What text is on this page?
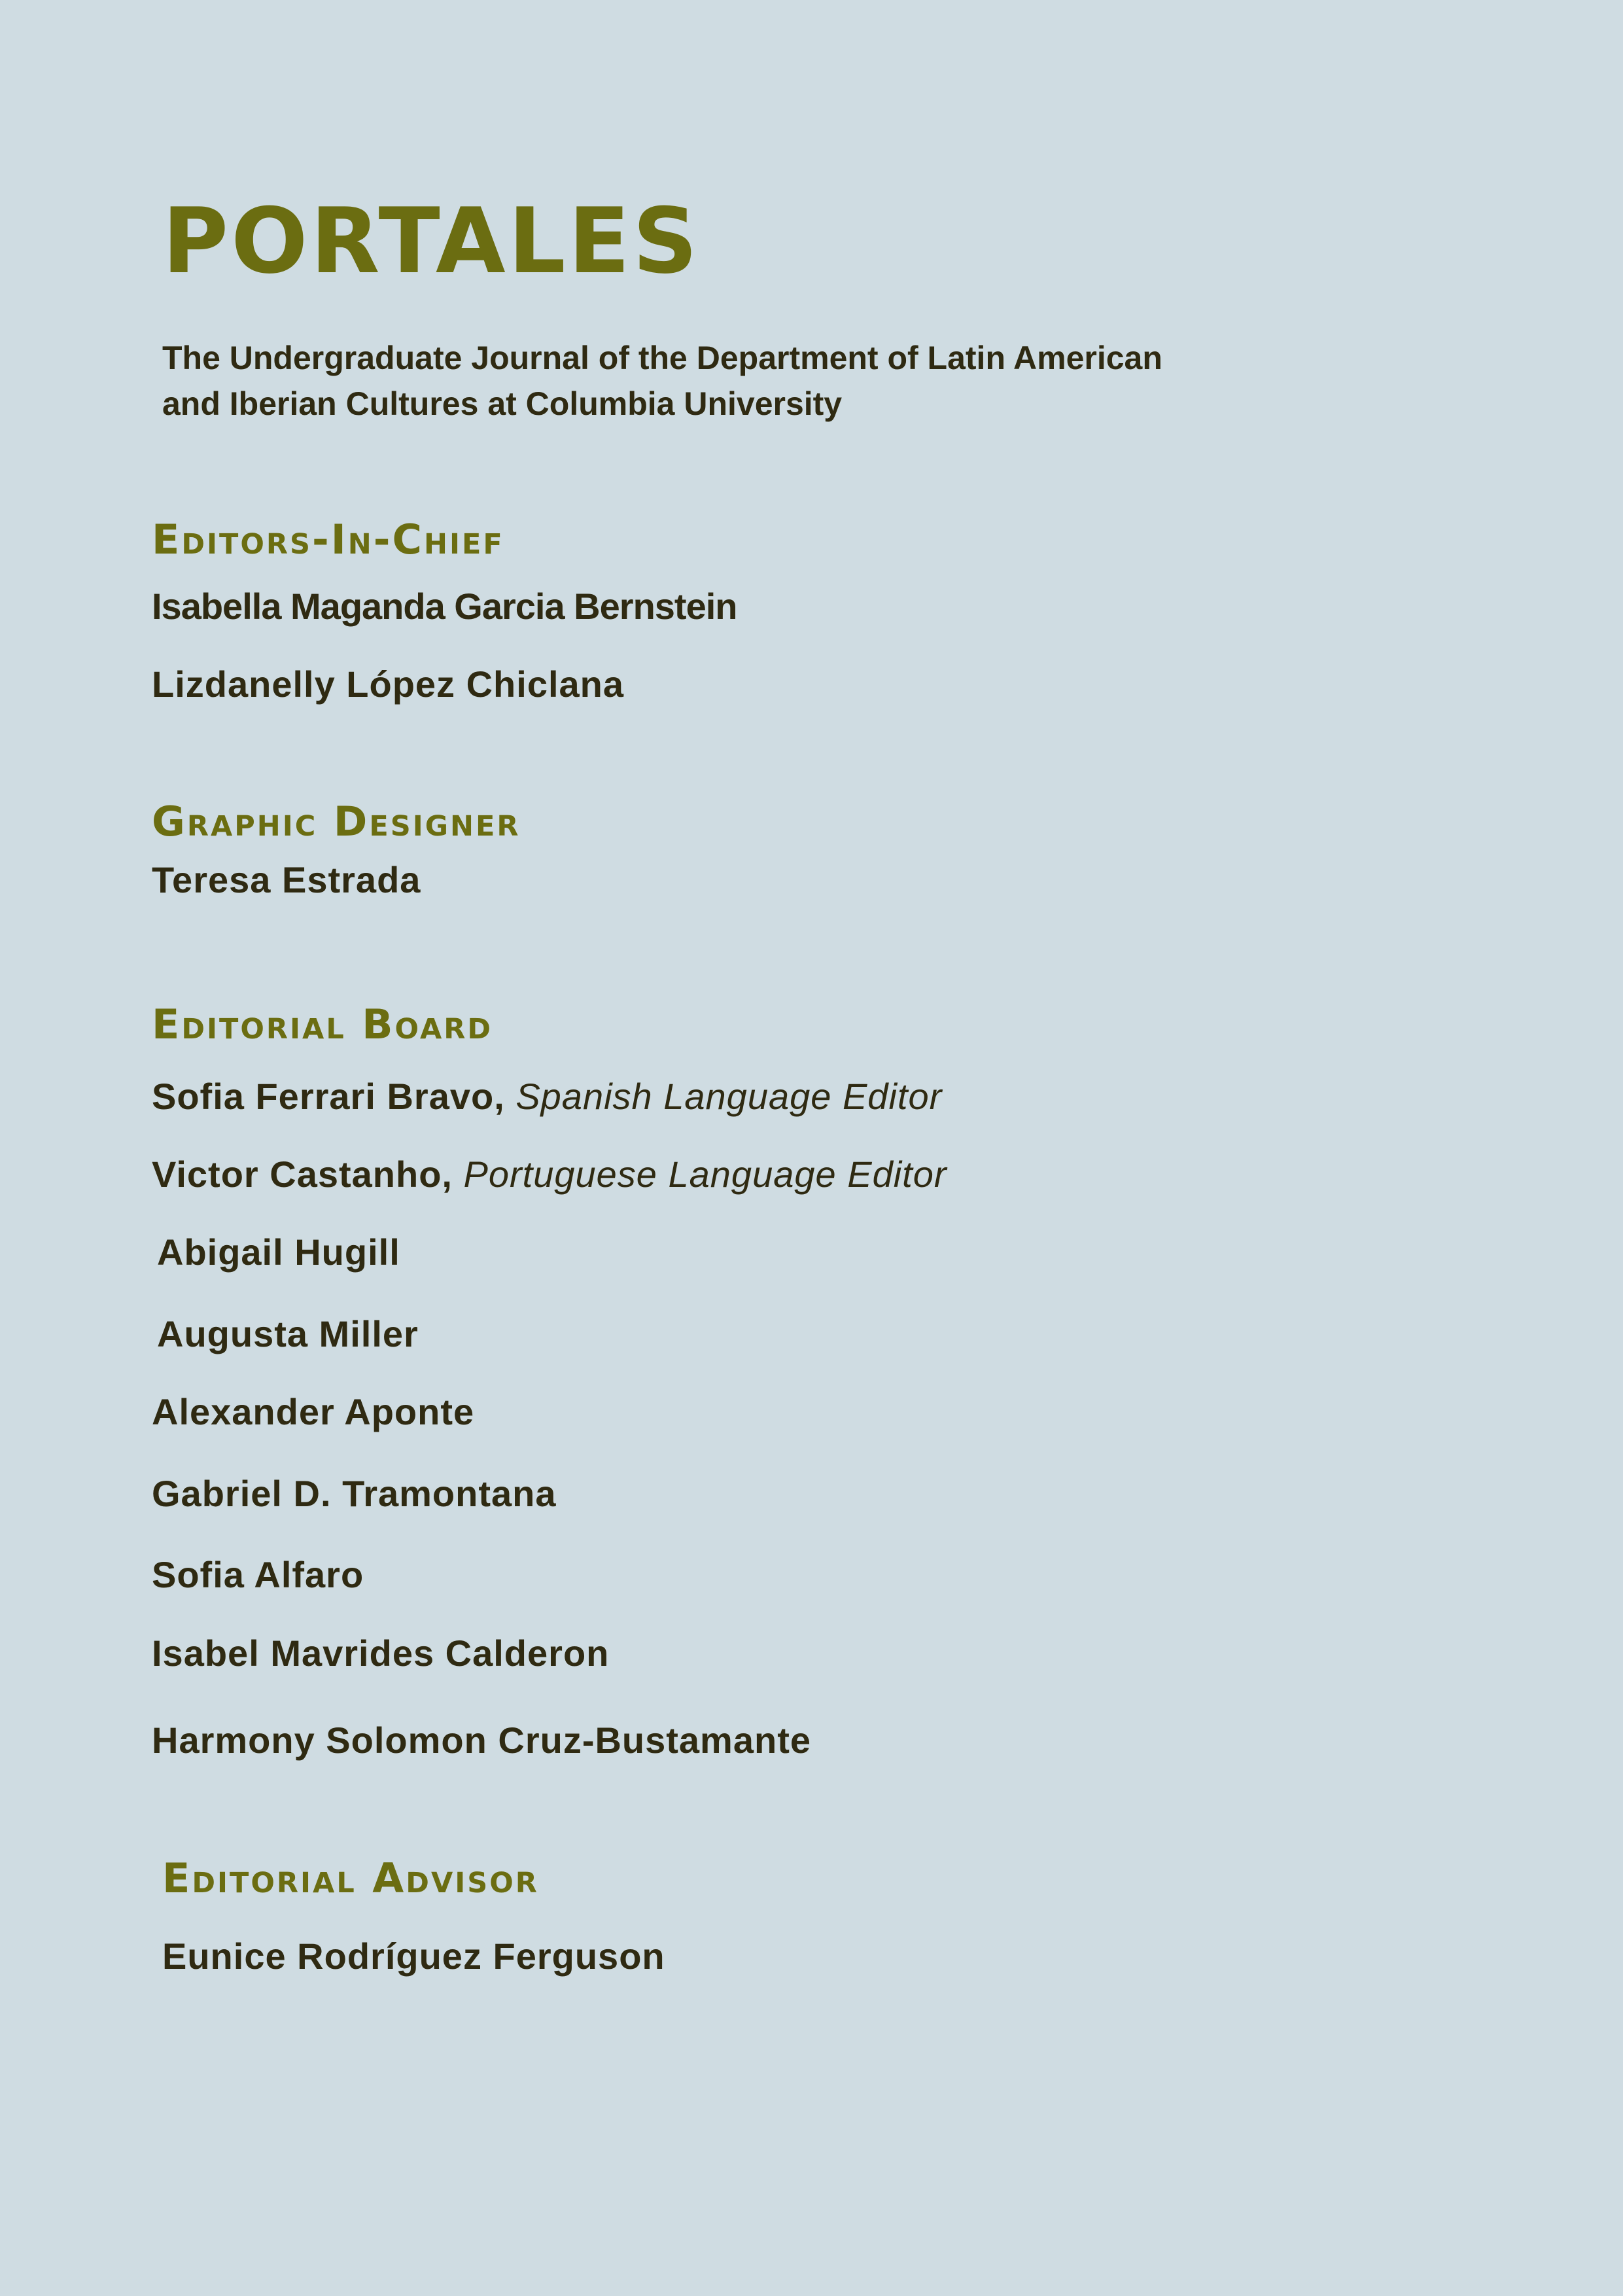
PORTALES

The Undergraduate Journal of the Department of Latin American
and Iberian Cultures at Columbia University

Editors-In-Chief

Isabella Maganda Garcia Bernstein

Lizdanelly López Chiclana

Graphic Designer

Teresa Estrada

Editorial Board

Sofia Ferrari Bravo, Spanish Language Editor

Victor Castanho, Portuguese Language Editor

Abigail Hugill

Augusta Miller

Alexander Aponte

Gabriel D. Tramontana

Sofia Alfaro

Isabel Mavrides Calderon

Harmony Solomon Cruz-Bustamante

Editorial Advisor

Eunice Rodríguez Ferguson
